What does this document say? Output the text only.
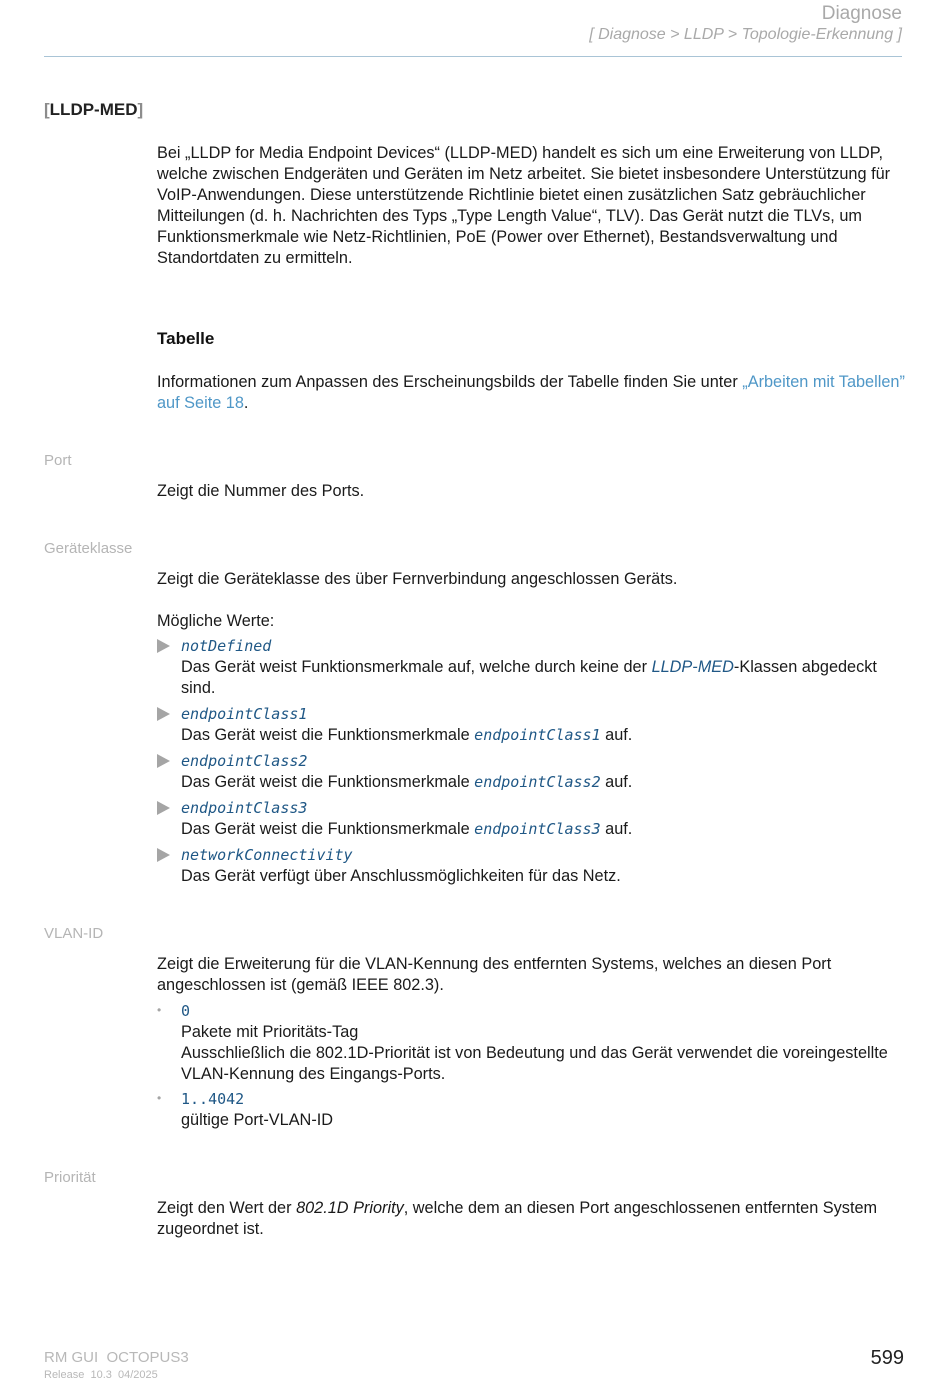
Diagnose
[ Diagnose > LLDP > Topologie-Erkennung ]
[LLDP-MED]
Bei „LLDP for Media Endpoint Devices“ (LLDP-MED) handelt es sich um eine Erweiterung von LLDP, welche zwischen Endgeräten und Geräten im Netz arbeitet. Sie bietet insbesondere Unterstützung für VoIP-Anwendungen. Diese unterstützende Richtlinie bietet einen zusätzlichen Satz gebräuchlicher Mitteilungen (d. h. Nachrichten des Typs „Type Length Value“, TLV). Das Gerät nutzt die TLVs, um Funktionsmerkmale wie Netz-Richtlinien, PoE (Power over Ethernet), Bestandsverwaltung und Standortdaten zu ermitteln.
Tabelle
Informationen zum Anpassen des Erscheinungsbilds der Tabelle finden Sie unter „Arbeiten mit Tabellen” auf Seite 18.
Port
Zeigt die Nummer des Ports.
Geräteklasse
Zeigt die Geräteklasse des über Fernverbindung angeschlossen Geräts.
Mögliche Werte:
notDefined
Das Gerät weist Funktionsmerkmale auf, welche durch keine der LLDP-MED-Klassen abgedeckt sind.
endpointClass1
Das Gerät weist die Funktionsmerkmale endpointClass1 auf.
endpointClass2
Das Gerät weist die Funktionsmerkmale endpointClass2 auf.
endpointClass3
Das Gerät weist die Funktionsmerkmale endpointClass3 auf.
networkConnectivity
Das Gerät verfügt über Anschlussmöglichkeiten für das Netz.
VLAN-ID
Zeigt die Erweiterung für die VLAN-Kennung des entfernten Systems, welches an diesen Port angeschlossen ist (gemäß IEEE 802.3).
• 0
Pakete mit Prioritäts-Tag
Ausschließlich die 802.1D-Priorität ist von Bedeutung und das Gerät verwendet die voreingestellte VLAN-Kennung des Eingangs-Ports.
• 1..4042
gültige Port-VLAN-ID
Priorität
Zeigt den Wert der 802.1D Priority, welche dem an diesen Port angeschlossenen entfernten System zugeordnet ist.
RM GUI  OCTOPUS3
Release  10.3  04/2025
599
